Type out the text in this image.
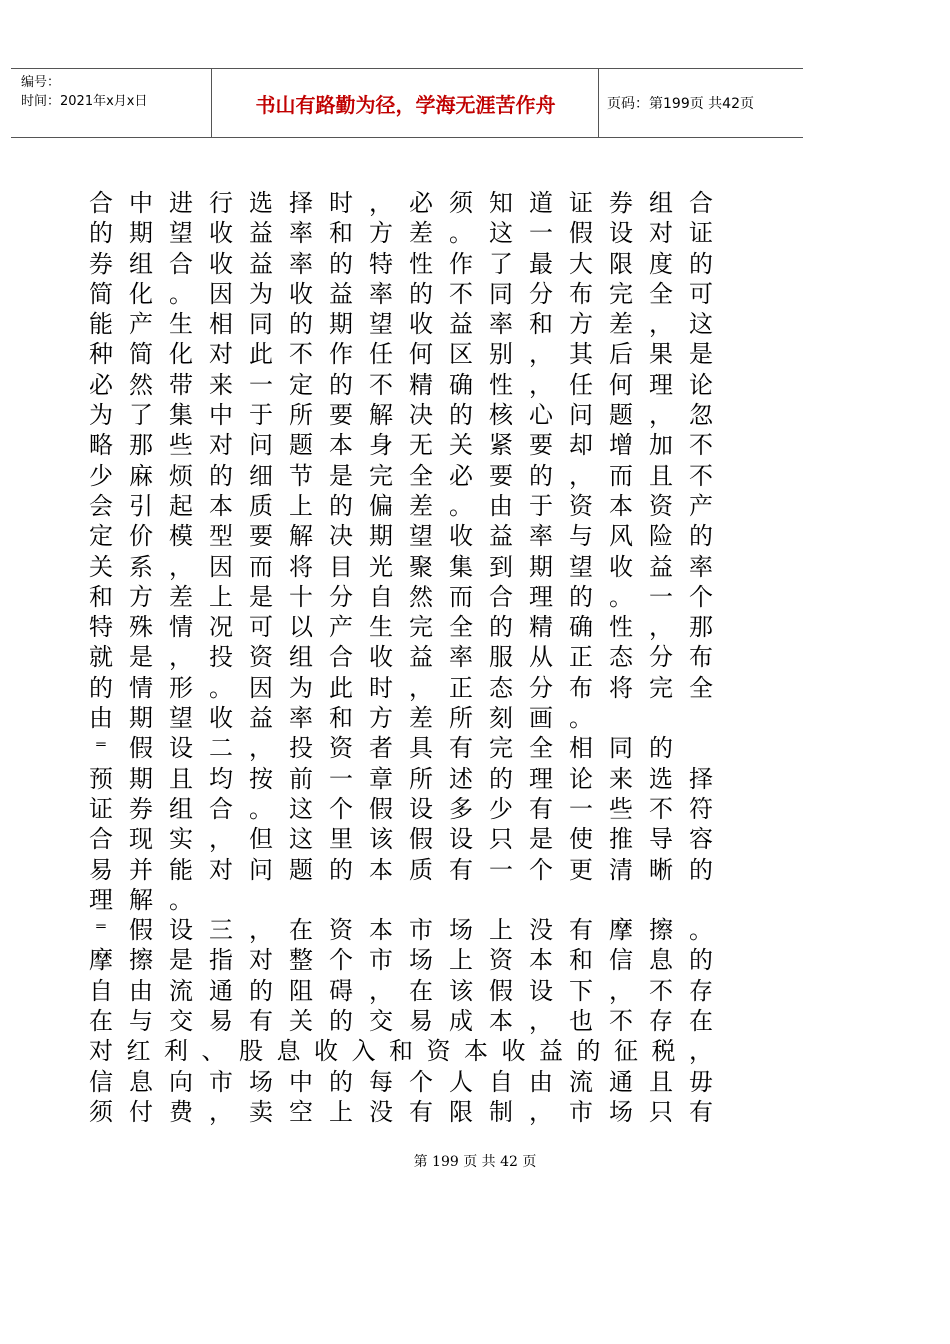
编号：
时间：2021年x月x日	书山有路勤为径，学海无涯苦作舟	页码：第199页 共42页
合 中 进 行 选 择 时 ， 必 须 知 道 证 券 组 合
的 期 望 收 益 率 和 方 差 。 这 一 假 设 对 证
券 组 合 收 益 率 的 特 性 作 了 最 大 限 度 的
简 化 。 因 为 收 益 率 的 不 同 分 布 完 全 可
能 产 生 相 同 的 期 望 收 益 率 和 方 差 ， 这
种 简 化 对 此 不 作 任 何 区 别 ， 其 后 果 是
必 然 带 来 一 定 的 不 精 确 性 ， 任 何 理 论
为 了 集 中 于 所 要 解 决 的 核 心 问 题 ， 忽
略 那 些 对 问 题 本 身 无 关 紧 要 却 增 加 不
少 麻 烦 的 细 节 是 完 全 必 要 的 ， 而 且 不
会 引 起 本 质 上 的 偏 差 。 由 于 资 本 资 产
定 价 模 型 要 解 决 期 望 收 益 率 与 风 险 的
关 系 ， 因 而 将 目 光 聚 集 到 期 望 收 益 率
和 方 差 上 是 十 分 自 然 而 合 理 的 。 一 个
特 殊 情 况 可 以 产 生 完 全 的 精 确 性 ， 那
就 是 ， 投 资 组 合 收 益 率 服 从 正 态 分 布
的 情 形 。 因 为 此 时 ， 正 态 分 布 将 完 全
由 期 望 收 益 率 和 方 差 所 刻 画 。
⁼ 假 设 二 ， 投 资 者 具 有 完 全 相 同 的
预 期 且 均 按 前 一 章 所 述 的 理 论 来 选 择
证 券 组 合 。 这 个 假 设 多 少 有 一 些 不 符
合 现 实 ， 但 这 里 该 假 设 只 是 使 推 导 容
易 并 能 对 问 题 的 本 质 有 一 个 更 清 晰 的
理 解 。
⁼ 假 设 三 ， 在 资 本 市 场 上 没 有 摩 擦 。
摩 擦 是 指 对 整 个 市 场 上 资 本 和 信 息 的
自 由 流 通 的 阻 碍 ， 在 该 假 设 下 ， 不 存
在 与 交 易 有 关 的 交 易 成 本 ， 也 不 存 在
对 红 利 、 股 息 收 入 和 资 本 收 益 的 征 税 ，
信 息 向 市 场 中 的 每 个 人 自 由 流 通 且 毋
须 付 费 ， 卖 空 上 没 有 限 制 ， 市 场 只 有
第 199 页 共 42 页
